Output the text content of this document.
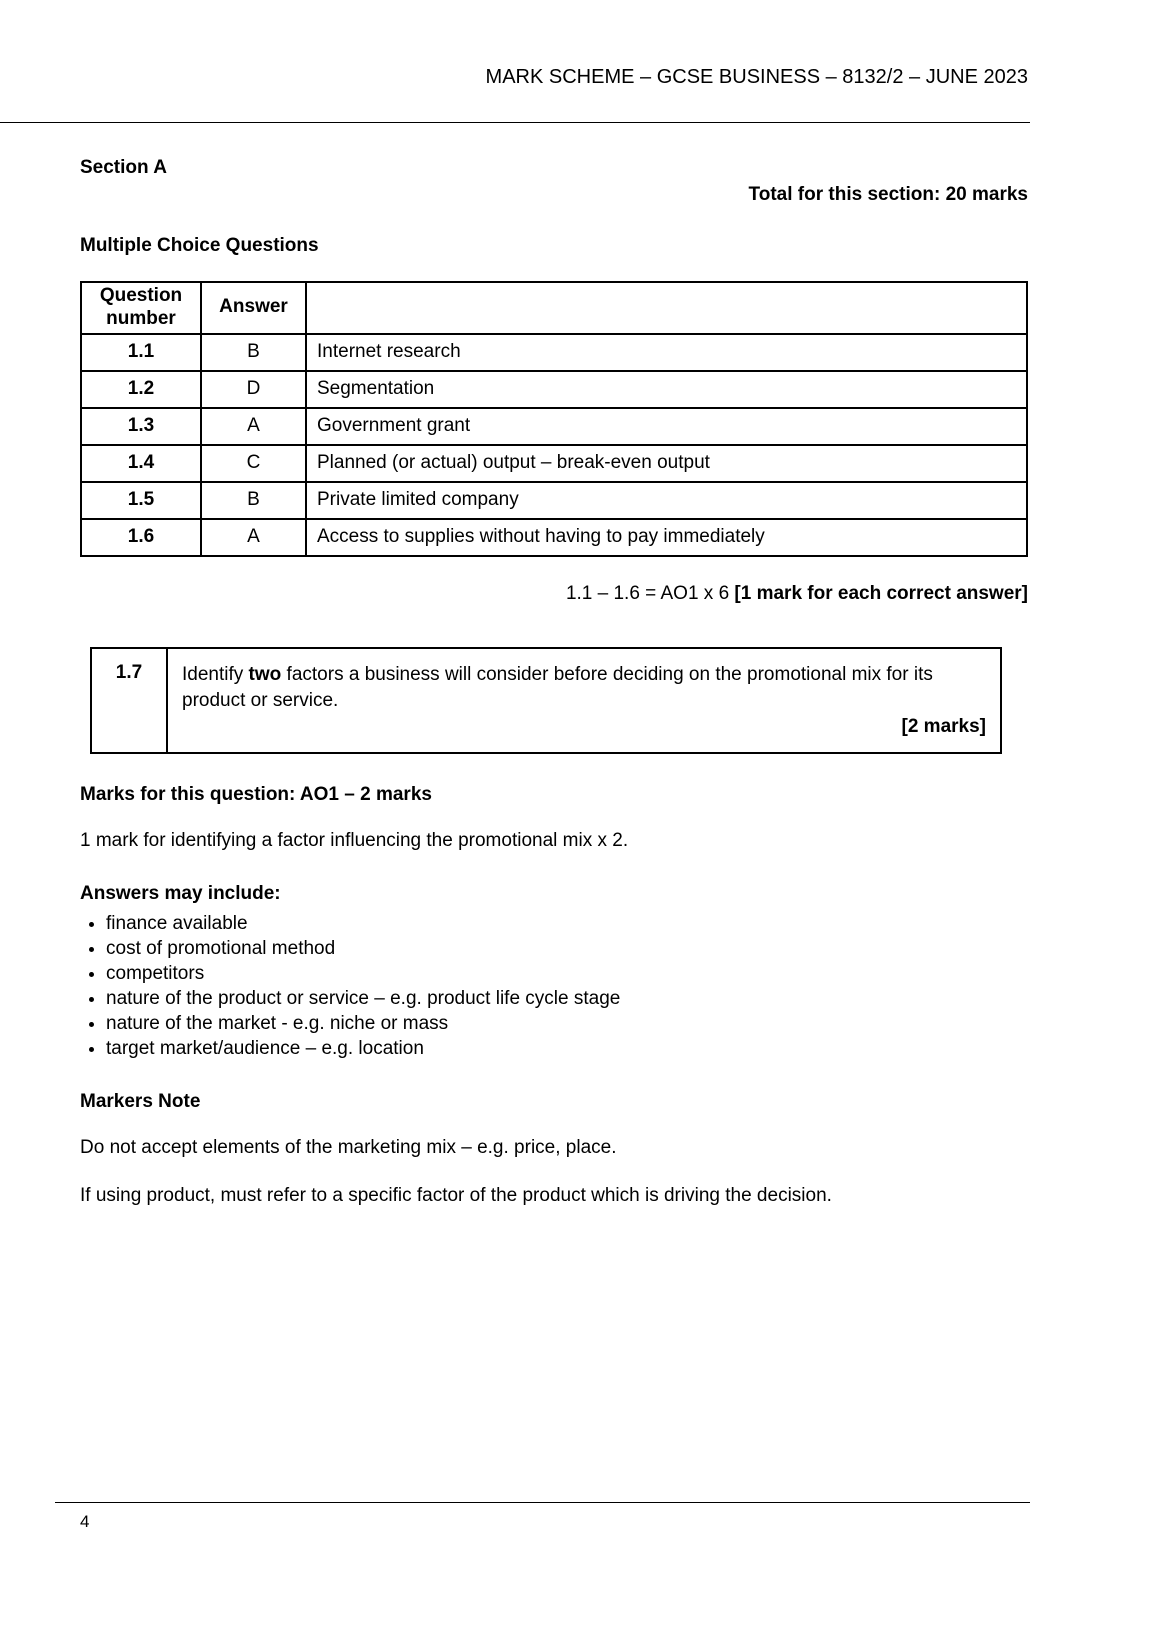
MARK SCHEME – GCSE BUSINESS – 8132/2 – JUNE 2023
Section A
Total for this section: 20 marks
Multiple Choice Questions
Question number	Answer	
1.1	B	Internet research
1.2	D	Segmentation
1.3	A	Government grant
1.4	C	Planned (or actual) output – break-even output
1.5	B	Private limited company
1.6	A	Access to supplies without having to pay immediately
1.1 – 1.6 = AO1 x 6 [1 mark for each correct answer]
1.7	Identify two factors a business will consider before deciding on the promotional mix for its product or service.
[2 marks]
Marks for this question: AO1 – 2 marks

1 mark for identifying a factor influencing the promotional mix x 2.

Answers may include:
• finance available
• cost of promotional method
• competitors
• nature of the product or service – e.g. product life cycle stage
• nature of the market - e.g. niche or mass
• target market/audience – e.g. location
Markers Note

Do not accept elements of the marketing mix – e.g. price, place.

If using product, must refer to a specific factor of the product which is driving the decision.

4
